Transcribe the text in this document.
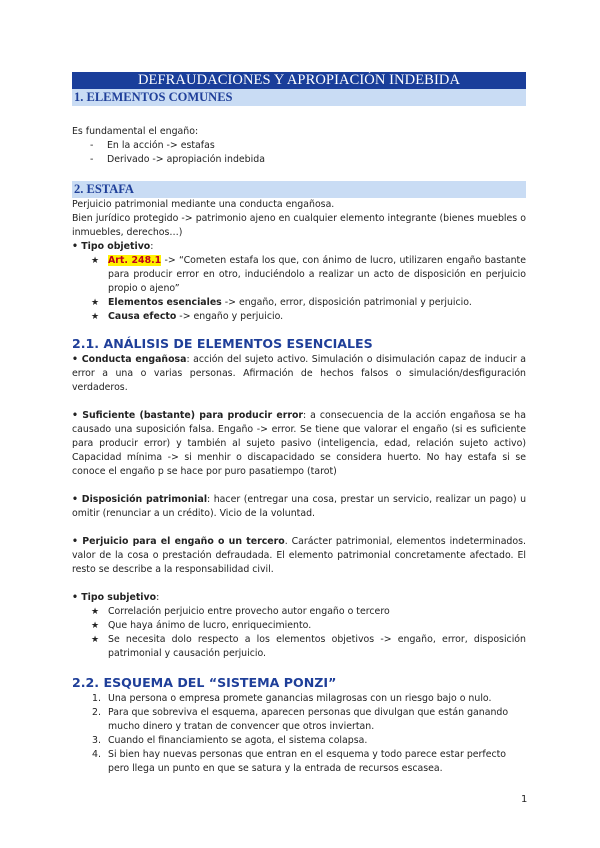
DEFRAUDACIONES Y APROPIACIÓN INDEBIDA
1. ELEMENTOS COMUNES

Es fundamental el engaño:

- En la acción -> estafas
- Derivado -> apropiación indebida
2. ESTAFA

Perjuicio patrimonial mediante una conducta engañosa.

Bien jurídico protegido -> patrimonio ajeno en cualquier elemento integrante (bienes muebles o inmuebles, derechos…)

• Tipo objetivo:

★ Art. 248.1 -> “Cometen estafa los que, con ánimo de lucro, utilizaren engaño bastante para producir error en otro, induciéndolo a realizar un acto de disposición en perjuicio propio o ajeno”
★ Elementos esenciales -> engaño, error, disposición patrimonial y perjuicio.
★ Causa efecto -> engaño y perjuicio.
2.1. ANÁLISIS DE ELEMENTOS ESENCIALES

• Conducta engañosa: acción del sujeto activo. Simulación o disimulación capaz de inducir a error a una o varias personas. Afirmación de hechos falsos o simulación/desfiguración verdaderos.

• Suficiente (bastante) para producir error: a consecuencia de la acción engañosa se ha causado una suposición falsa. Engaño -> error. Se tiene que valorar el engaño (si es suficiente para producir error) y también al sujeto pasivo (inteligencia, edad, relación sujeto activo) Capacidad mínima -> si menhir o discapacidado se considera huerto. No hay estafa si se conoce el engaño p se hace por puro pasatiempo (tarot)

• Disposición patrimonial: hacer (entregar una cosa, prestar un servicio, realizar un pago) u omitir (renunciar a un crédito). Vicio de la voluntad.

• Perjuicio para el engaño o un tercero. Carácter patrimonial, elementos indeterminados. valor de la cosa o prestación defraudada. El elemento patrimonial concretamente afectado. El resto se describe a la responsabilidad civil.

• Tipo subjetivo:

★ Correlación perjuicio entre provecho autor engaño o tercero
★ Que haya ánimo de lucro, enriquecimiento.
★ Se necesita dolo respecto a los elementos objetivos -> engaño, error, disposición patrimonial y causación perjuicio.
2.2. ESQUEMA DEL “SISTEMA PONZI”
1. Una persona o empresa promete ganancias milagrosas con un riesgo bajo o nulo.
2. Para que sobreviva el esquema, aparecen personas que divulgan que están ganando mucho dinero y tratan de convencer que otros inviertan.
3. Cuando el financiamiento se agota, el sistema colapsa.
4. Si bien hay nuevas personas que entran en el esquema y todo parece estar perfecto pero llega un punto en que se satura y la entrada de recursos escasea.
1
